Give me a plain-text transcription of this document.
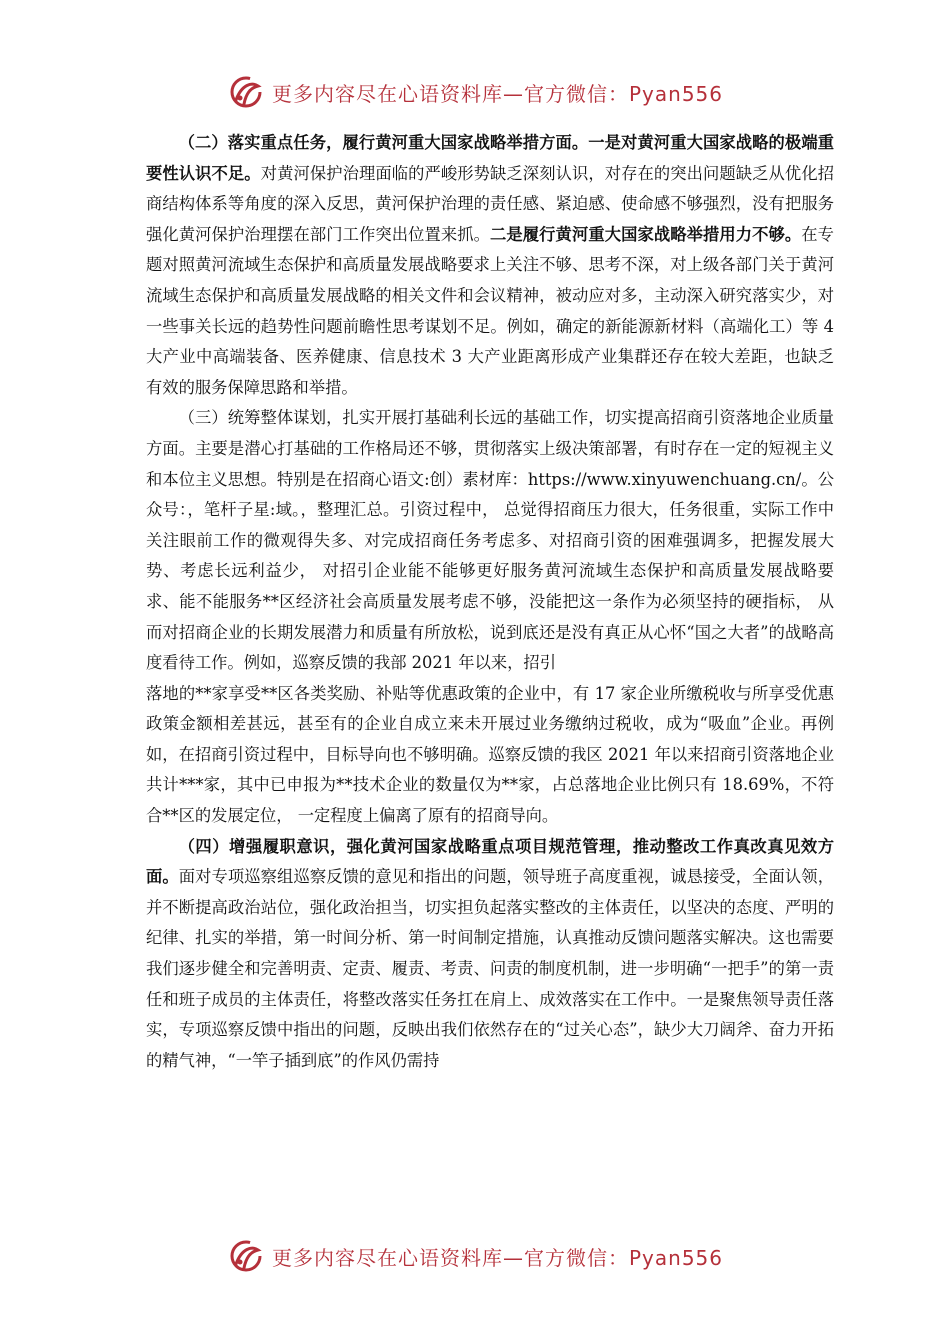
更多内容尽在心语资料库—官方微信：Pyan556

（二）落实重点任务，履行黄河重大国家战略举措方面。一是对黄河重大国家战略的极端重要性认识不足。对黄河保护治理面临的严峻形势缺乏深刻认识，对存在的突出问题缺乏从优化招商结构体系等角度的深入反思，黄河保护治理的责任感、紧迫感、使命感不够强烈，没有把服务强化黄河保护治理摆在部门工作突出位置来抓。二是履行黄河重大国家战略举措用力不够。在专题对照黄河流域生态保护和高质量发展战略要求上关注不够、思考不深，对上级各部门关于黄河流域生态保护和高质量发展战略的相关文件和会议精神，被动应对多，主动深入研究落实少，对一些事关长远的趋势性问题前瞻性思考谋划不足。例如，确定的新能源新材料（高端化工）等 4 大产业中高端装备、医养健康、信息技术 3 大产业距离形成产业集群还存在较大差距，也缺乏有效的服务保障思路和举措。

（三）统筹整体谋划，扎实开展打基础利长远的基础工作，切实提高招商引资落地企业质量方面。主要是潜心打基础的工作格局还不够，贯彻落实上级决策部署，有时存在一定的短视主义和本位主义思想。特别是在招商心语文:创）素材库：https://www.xinyuwenchuang.cn/。公众号：，笔杆子星:域。，整理汇总。引资过程中， 总觉得招商压力很大，任务很重，实际工作中关注眼前工作的微观得失多、对完成招商任务考虑多、对招商引资的困难强调多，把握发展大势、考虑长远利益少， 对招引企业能不能够更好服务黄河流域生态保护和高质量发展战略要求、能不能服务**区经济社会高质量发展考虑不够，没能把这一条作为必须坚持的硬指标， 从而对招商企业的长期发展潜力和质量有所放松，说到底还是没有真正从心怀“国之大者”的战略高度看待工作。例如，巡察反馈的我部 2021 年以来，招引

落地的**家享受**区各类奖励、补贴等优惠政策的企业中，有 17 家企业所缴税收与所享受优惠政策金额相差甚远，甚至有的企业自成立来未开展过业务缴纳过税收，成为“吸血”企业。再例如，在招商引资过程中，目标导向也不够明确。巡察反馈的我区 2021 年以来招商引资落地企业共计***家，其中已申报为**技术企业的数量仅为**家，占总落地企业比例只有 18.69%，不符合**区的发展定位， 一定程度上偏离了原有的招商导向。

（四）增强履职意识，强化黄河国家战略重点项目规范管理，推动整改工作真改真见效方面。面对专项巡察组巡察反馈的意见和指出的问题，领导班子高度重视，诚恳接受，全面认领，并不断提高政治站位，强化政治担当，切实担负起落实整改的主体责任，以坚决的态度、严明的纪律、扎实的举措，第一时间分析、第一时间制定措施，认真推动反馈问题落实解决。这也需要我们逐步健全和完善明责、定责、履责、考责、问责的制度机制，进一步明确“一把手”的第一责任和班子成员的主体责任，将整改落实任务扛在肩上、成效落实在工作中。一是聚焦领导责任落实，专项巡察反馈中指出的问题，反映出我们依然存在的“过关心态”，缺少大刀阔斧、奋力开拓的精气神，“一竿子插到底”的作风仍需持

更多内容尽在心语资料库—官方微信：Pyan556
